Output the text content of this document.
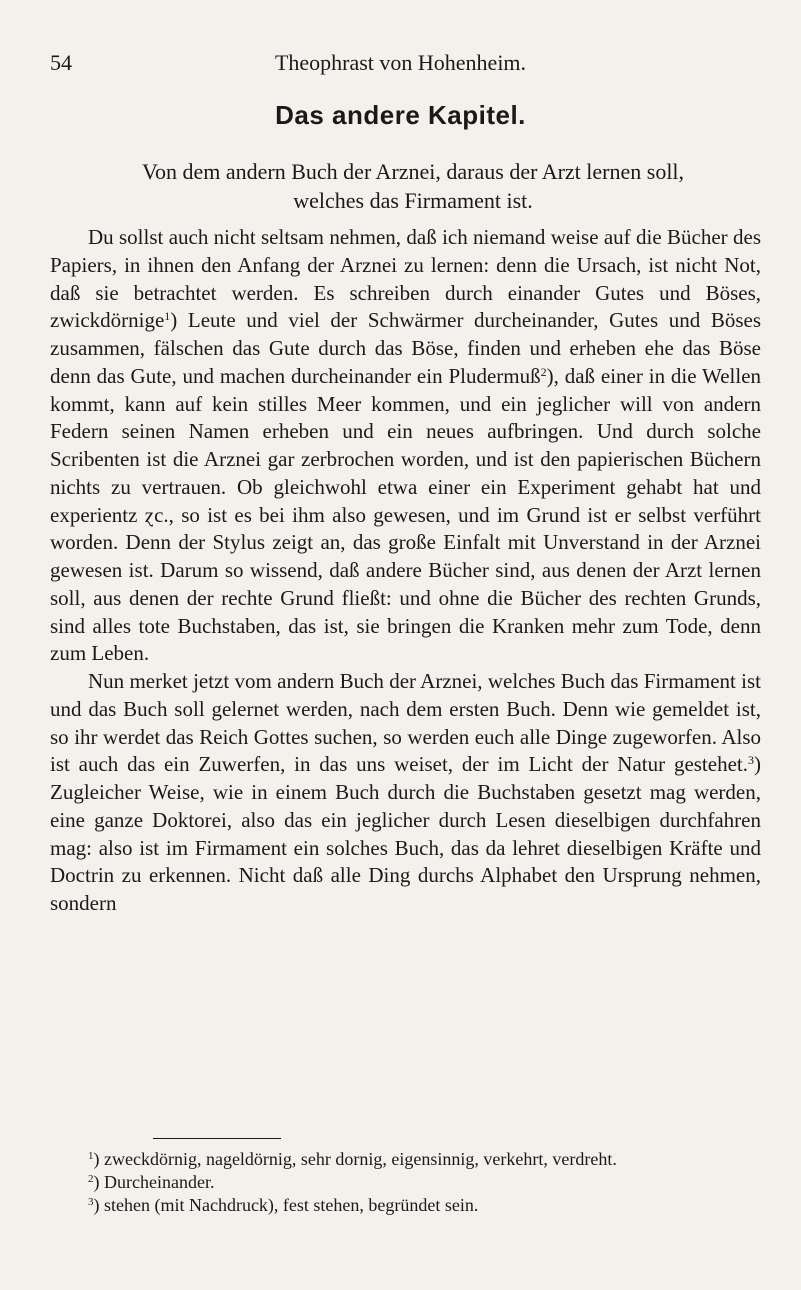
54	Theophrast von Hohenheim.
Das andere Kapitel.
Von dem andern Buch der Arznei, daraus der Arzt lernen soll, welches das Firmament ist.

Du sollst auch nicht seltsam nehmen, daß ich niemand weise auf die Bücher des Papiers, in ihnen den Anfang der Arznei zu lernen: denn die Ursach, ist nicht Not, daß sie betrachtet werden. Es schreiben durch einander Gutes und Böses, zwickdörnige$^1$) Leute und viel der Schwärmer durcheinander, Gutes und Böses zusammen, fälschen das Gute durch das Böse, finden und erheben ehe das Böse denn das Gute, und machen durcheinander ein Pludermuß$^2$), daß einer in die Wellen kommt, kann auf kein stilles Meer kommen, und ein jeglicher will von andern Federn seinen Namen erheben und ein neues aufbringen. Und durch solche Scribenten ist die Arznei gar zerbrochen worden, und ist den papierischen Büchern nichts zu vertrauen. Ob gleichwohl etwa einer ein Experiment gehabt hat und experientz ɀc., so ist es bei ihm also gewesen, und im Grund ist er selbst verführt worden. Denn der Stylus zeigt an, das große Einfalt mit Unverstand in der Arznei gewesen ist. Darum so wissend, daß andere Bücher sind, aus denen der Arzt lernen soll, aus denen der rechte Grund fließt: und ohne die Bücher des rechten Grunds, sind alles tote Buchstaben, das ist, sie bringen die Kranken mehr zum Tode, denn zum Leben.

Nun merket jetzt vom andern Buch der Arznei, welches Buch das Firmament ist und das Buch soll gelernet werden, nach dem ersten Buch. Denn wie gemeldet ist, so ihr werdet das Reich Gottes suchen, so werden euch alle Dinge zugeworfen. Also ist auch das ein Zuwerfen, in das uns weiset, der im Licht der Natur gestehet.$^3$) Zugleicher Weise, wie in einem Buch durch die Buchstaben gesetzt mag werden, eine ganze Doktorei, also das ein jeglicher durch Lesen dieselbigen durchfahren mag: also ist im Firmament ein solches Buch, das da lehret dieselbigen Kräfte und Doctrin zu erkennen. Nicht daß alle Ding durchs Alphabet den Ursprung nehmen, sondern

$^1$) zweckdörnig, nageldörnig, sehr dornig, eigensinnig, verkehrt, verdreht.

$^2$) Durcheinander.

$^3$) stehen (mit Nachdruck), fest stehen, begründet sein.
